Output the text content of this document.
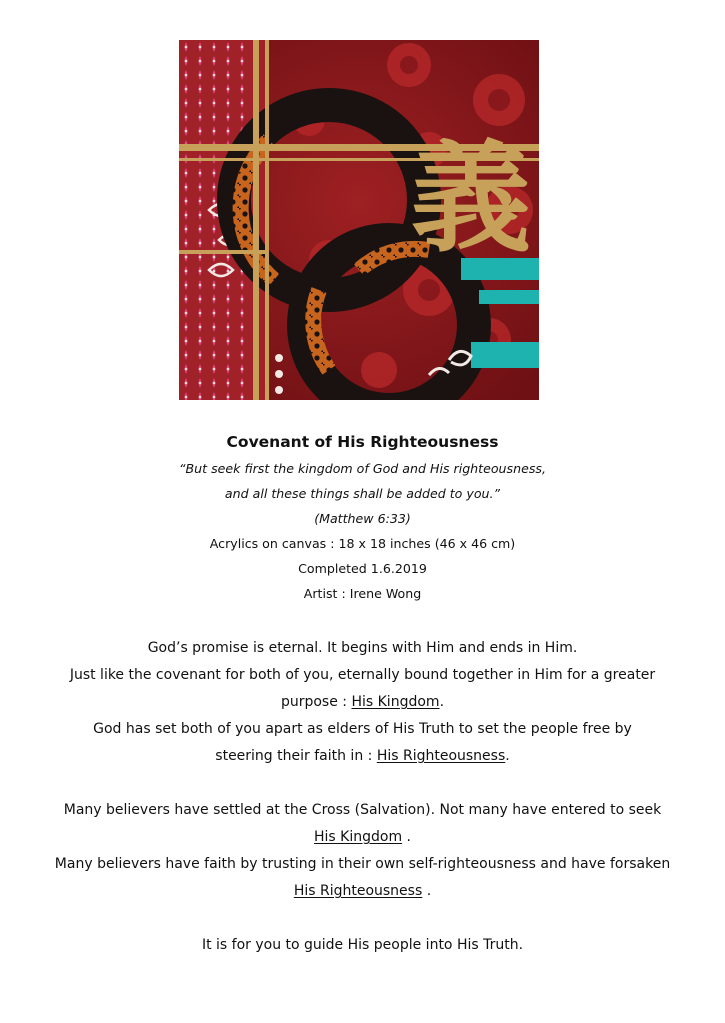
義

Covenant of His Righteousness

“But seek first the kingdom of God and His righteousness,

and all these things shall be added to you.”

(Matthew 6:33)

Acrylics on canvas : 18 x 18 inches (46 x 46 cm)

Completed 1.6.2019

Artist : Irene Wong

God’s promise is eternal. It begins with Him and ends in Him.

Just like the covenant for both of you, eternally bound together in Him for a greater

purpose : His Kingdom.

God has set both of you apart as elders of His Truth to set the people free by

steering their faith in : His Righteousness.

Many believers have settled at the Cross (Salvation). Not many have entered to seek

His Kingdom .

Many believers have faith by trusting in their own self-righteousness and have forsaken

His Righteousness .

It is for you to guide His people into His Truth.
